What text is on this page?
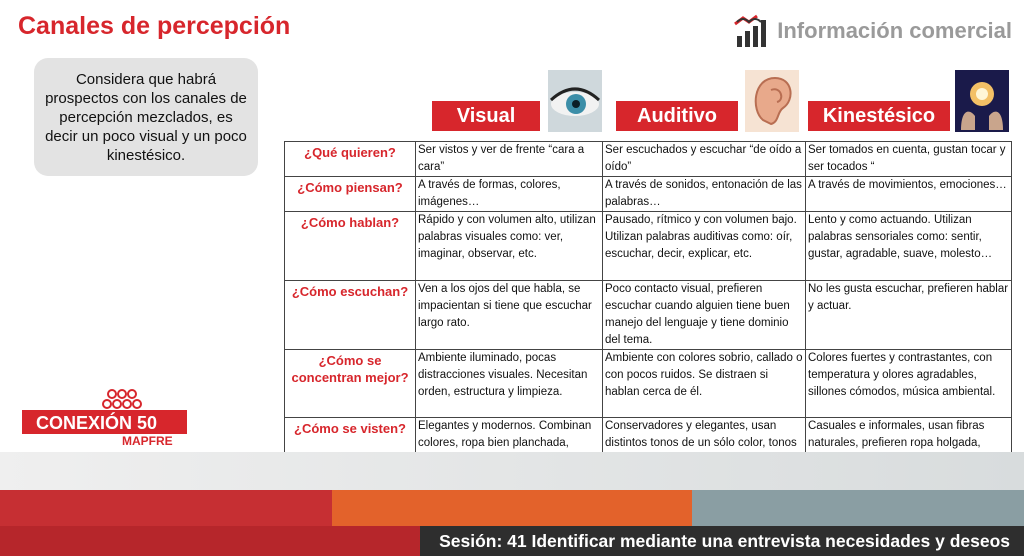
Canales de percepción	Información comercial
Considera que habrá prospectos con los canales de percepción mezclados, es decir un poco visual y un poco kinestésico.
Visual	Auditivo	Kinestésico
¿Qué quieren?	Ser vistos y ver de frente “cara a cara”	Ser escuchados y escuchar “de oído a oído”	Ser tomados en cuenta, gustan tocar y ser tocados “
¿Cómo piensan?	A través de formas, colores, imágenes…	A través de sonidos, entonación de las palabras…	A través de movimientos, emociones…
¿Cómo hablan?	Rápido y con volumen alto, utilizan palabras visuales como: ver, imaginar, observar, etc.	Pausado, rítmico y con volumen bajo. Utilizan palabras auditivas como: oír, escuchar, decir, explicar, etc.	Lento y como actuando. Utilizan palabras sensoriales como: sentir, gustar, agradable, suave, molesto…
¿Cómo escuchan?	Ven a los ojos del que habla, se impacientan si tiene que escuchar largo rato.	Poco contacto visual, prefieren escuchar cuando alguien tiene buen manejo del lenguaje y tiene dominio del tema.	No les gusta escuchar, prefieren hablar y actuar.
¿Cómo se concentran mejor?	Ambiente iluminado, pocas distracciones visuales. Necesitan orden, estructura y limpieza.	Ambiente con colores sobrio, callado o con pocos ruidos. Se distraen si hablan cerca de él.	Colores fuertes y contrastantes, con temperatura y olores agradables, sillones cómodos, música ambiental.
¿Cómo se visten?	Elegantes y modernos. Combinan colores, ropa bien planchada,	Conservadores y elegantes, usan distintos tonos de un sólo color, tonos	Casuales e informales, usan fibras naturales, prefieren ropa holgada,
CONEXIÓN 50
MAPFRE
Sesión: 41 Identificar mediante una entrevista necesidades y deseos
